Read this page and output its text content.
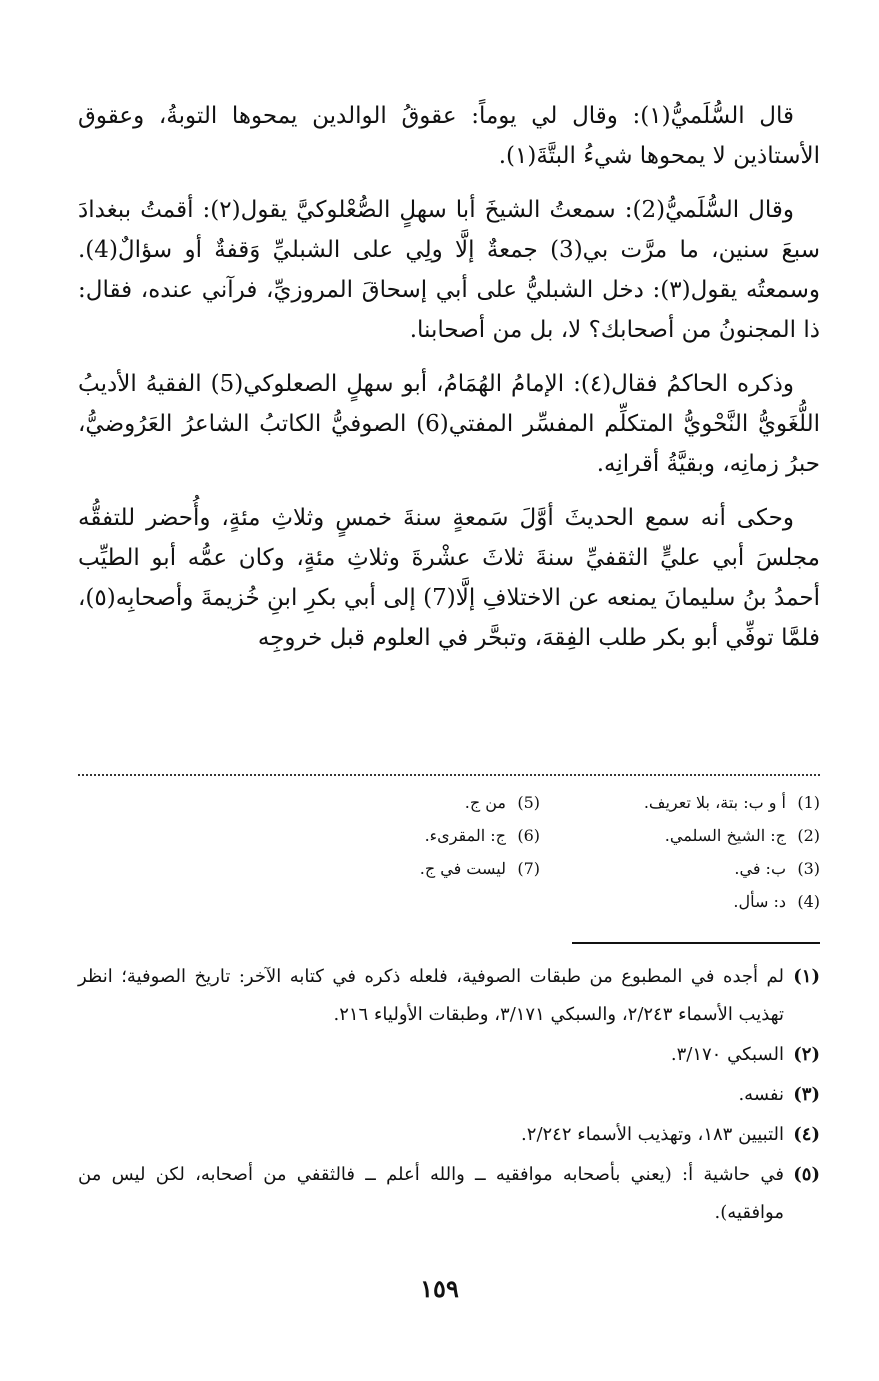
قال السُّلَميُّ(١): وقال لي يوماً: عقوقُ الوالدين يمحوها التوبةُ، وعقوق الأستاذين لا يمحوها شيءُ البتَّةَ(١).

وقال السُّلَميُّ(2): سمعتُ الشيخَ أبا سهلٍ الصُّعْلوكيَّ يقول(٢): أقمتُ ببغدادَ سبعَ سنين، ما مرَّت بي(3) جمعةٌ إلَّا ولِي على الشبليِّ وَقفةٌ أو سؤالٌ(4). وسمعتُه يقول(٣): دخل الشبليُّ على أبي إسحاقَ المروزيِّ، فرآني عنده، فقال: ذا المجنونُ من أصحابك؟ لا، بل من أصحابنا.

وذكره الحاكمُ فقال(٤): الإمامُ الهُمَامُ، أبو سهلٍ الصعلوكي(5) الفقيهُ الأديبُ اللُّغَويُّ النَّحْويُّ المتكلِّم المفسِّر المفتي(6) الصوفيُّ الكاتبُ الشاعرُ العَرُوضيُّ، حبرُ زمانِه، وبقيَّةُ أقرانِه.

وحكى أنه سمع الحديثَ أوَّلَ سَمعةٍ سنةَ خمسٍ وثلاثِ مئةٍ، وأُحضر للتفقُّه مجلسَ أبي عليٍّ الثقفيِّ سنةَ ثلاثَ عشْرةَ وثلاثِ مئةٍ، وكان عمُّه أبو الطيِّب أحمدُ بنُ سليمانَ يمنعه عن الاختلافِ إلَّا(7) إلى أبي بكرِ ابنِ خُزيمةَ وأصحابِه(٥)، فلمَّا توفِّي أبو بكر طلب الفِقهَ، وتبحَّر في العلوم قبل خروجِه

(1)أ و ب: بتة، بلا تعريف.
(2)ج: الشيخ السلمي.
(3)ب: في.
(4)د: سأل.
(5)من ج.
(6)ج: المقرىء.
(7)ليست في ج.
(١)
لم أجده في المطبوع من طبقات الصوفية، فلعله ذكره في كتابه الآخر: تاريخ الصوفية؛ انظر تهذيب الأسماء ٢/٢٤٣، والسبكي ٣/١٧١، وطبقات الأولياء ٢١٦.
(٢)
السبكي ٣/١٧٠.
(٣)
نفسه.
(٤)
التبيين ١٨٣، وتهذيب الأسماء ٢/٢٤٢.
(٥)
في حاشية أ: (يعني بأصحابه موافقيه ــ والله أعلم ــ فالثقفي من أصحابه، لكن ليس من موافقيه).
١٥٩
